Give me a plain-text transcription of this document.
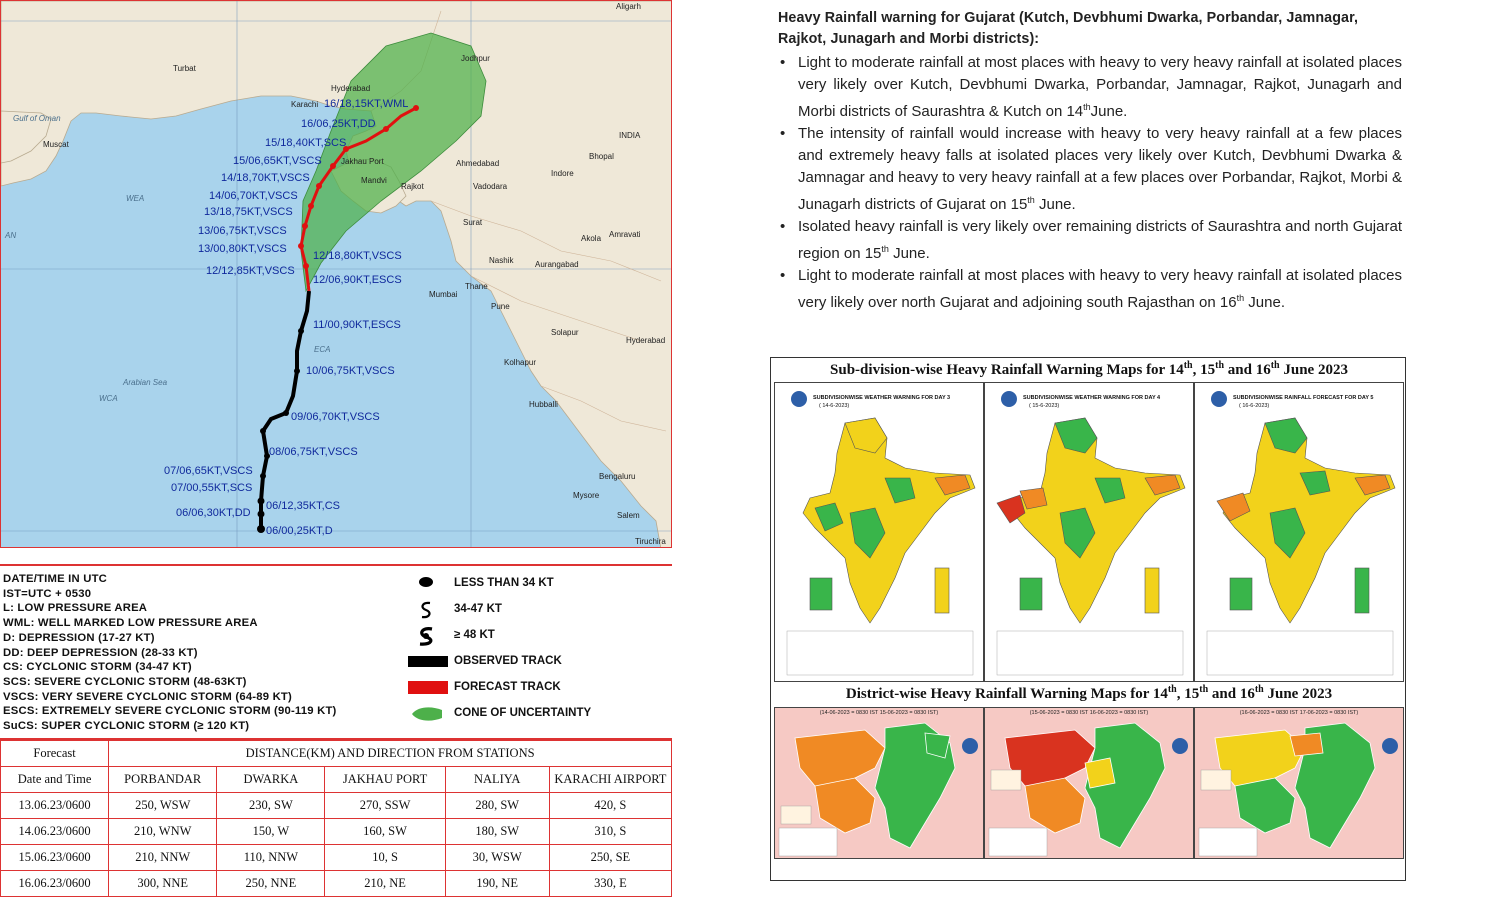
16/18,15KT,WML
16/06,25KT,DD
15/18,40KT,SCS
15/06,65KT,VSCS
14/18,70KT,VSCS
14/06,70KT,VSCS
13/18,75KT,VSCS
13/06,75KT,VSCS
13/00,80KT,VSCS
12/18,80KT,VSCS
12/12,85KT,VSCS
12/06,90KT,ESCS
11/00,90KT,ESCS
10/06,75KT,VSCS
09/06,70KT,VSCS
08/06,75KT,VSCS
07/06,65KT,VSCS
07/00,55KT,SCS
06/12,35KT,CS
06/06,30KT,DD
06/00,25KT,D
Aligarh
Jodhpur
Turbat
Hyderabad
Karachi
Gulf of Oman
Muscat
INDIA
Bhopal
Ahmedabad
Jakhau Port
Mandvi
Rajkot	Vadodara
Indore
Surat
Akola Amravati
Nashik	Aurangabad
Mumbai
Thane
Pune
Solapur
Hyderabad
Kolhapur
Hubballi
Arabian Sea
WEA
ECA
WCA
AN
Bengaluru
Mysore
Salem
Tiruchira
DATE/TIME IN UTC
IST=UTC + 0530
L: LOW PRESSURE AREA
WML: WELL MARKED LOW PRESSURE AREA
D: DEPRESSION (17-27 KT)
DD: DEEP DEPRESSION (28-33 KT)
CS: CYCLONIC STORM (34-47 KT)
SCS: SEVERE CYCLONIC STORM (48-63KT)
VSCS: VERY SEVERE CYCLONIC STORM (64-89 KT)
ESCS: EXTREMELY SEVERE CYCLONIC STORM (90-119 KT)
SuCS: SUPER CYCLONIC STORM (≥ 120 KT)
LESS THAN 34 KT
34-47 KT
≥ 48 KT
OBSERVED TRACK
FORECAST TRACK
CONE OF UNCERTAINTY
Forecast	DISTANCE(KM) AND DIRECTION FROM STATIONS				
Date and Time	PORBANDAR	DWARKA	JAKHAU PORT	NALIYA	KARACHI AIRPORT
13.06.23/0600	250, WSW	230, SW	270, SSW	280, SW	420, S
14.06.23/0600	210, WNW	150, W	160, SW	180, SW	310, S
15.06.23/0600	210, NNW	110, NNW	10, S	30, WSW	250, SE
16.06.23/0600	300, NNE	250, NNE	210, NE	190, NE	330, E
Heavy Rainfall warning for Gujarat (Kutch, Devbhumi Dwarka, Porbandar, Jamnagar, Rajkot, Junagarh and Morbi districts):
• Light to moderate rainfall at most places with heavy to very heavy rainfall at isolated places very likely over Kutch, Devbhumi Dwarka, Porbandar, Jamnagar, Rajkot, Junagarh and Morbi districts of Saurashtra & Kutch on 14thJune.
• The intensity of rainfall would increase with heavy to very heavy rainfall at a few places and extremely heavy falls at isolated places very likely over Kutch, Devbhumi Dwarka & Jamnagar and heavy to very heavy rainfall at a few places over Porbandar, Rajkot, Morbi & Junagarh districts of Gujarat on 15th June.
• Isolated heavy rainfall is very likely over remaining districts of Saurashtra and north Gujarat region on 15th June.
• Light to moderate rainfall at most places with heavy to very heavy rainfall at isolated places very likely over north Gujarat and adjoining south Rajasthan on 16th June.
Sub-division-wise Heavy Rainfall Warning Maps for 14th, 15th and 16th June 2023
SUBDIVISIONWISE WEATHER WARNING FOR DAY 3
( 14-6-2023)
SUBDIVISIONWISE WEATHER WARNING FOR DAY 4
( 15-6-2023)
SUBDIVISIONWISE RAINFALL FORECAST FOR DAY 5
( 16-6-2023)
District-wise Heavy Rainfall Warning Maps for 14th, 15th and 16th June 2023
(14-06-2023 = 0830 IST 15-06-2023 = 0830 IST)	(15-06-2023 = 0830 IST 16-06-2023 = 0830 IST)	(16-06-2023 = 0830 IST 17-06-2023 = 0830 IST)
